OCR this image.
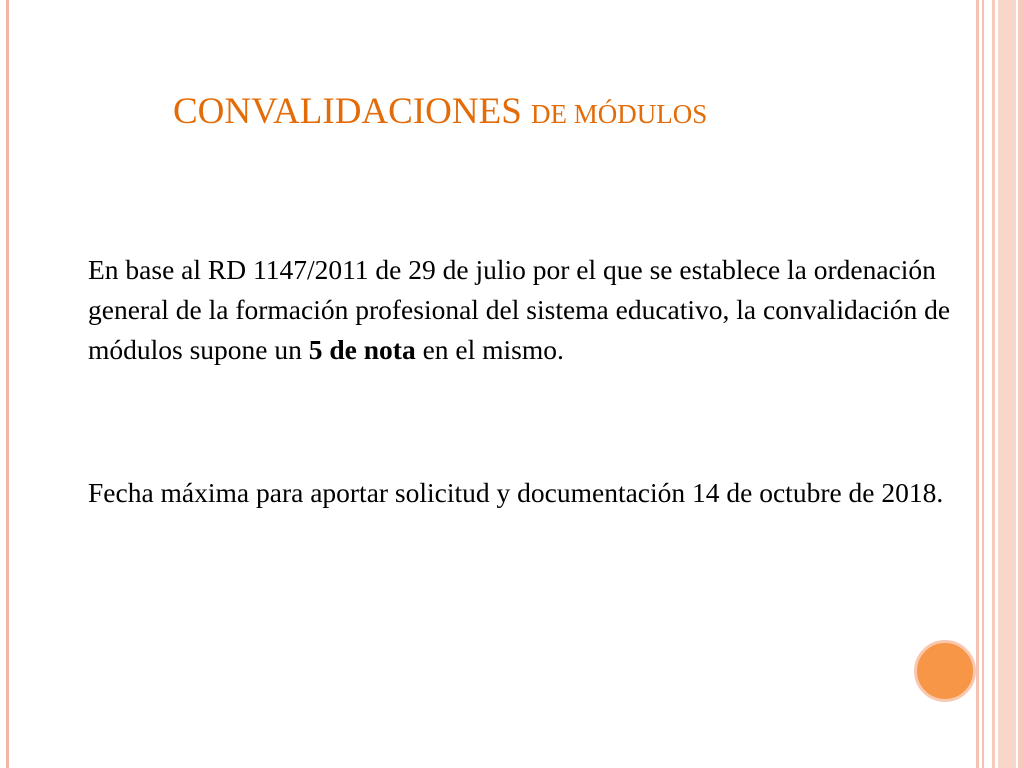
CONVALIDACIONES DE MÓDULOS
En base al RD 1147/2011 de 29 de julio por el que se establece la ordenación general de la formación profesional del sistema educativo, la convalidación de módulos supone un 5 de nota en el mismo.
Fecha máxima para aportar solicitud y documentación 14 de octubre de 2018.
